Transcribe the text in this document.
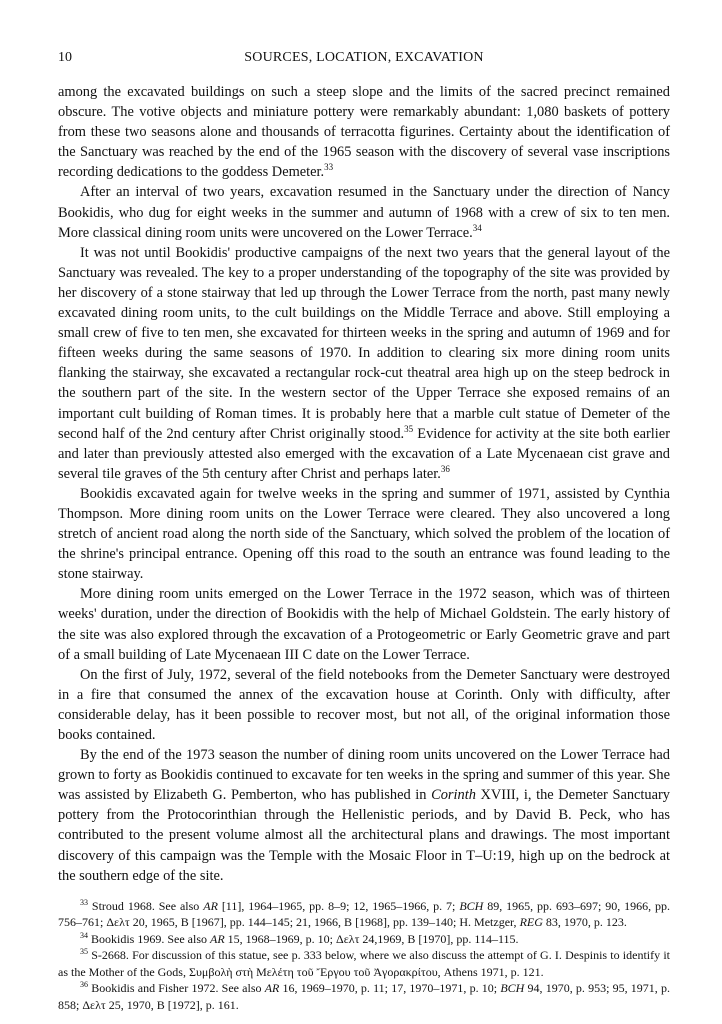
10	SOURCES, LOCATION, EXCAVATION

among the excavated buildings on such a steep slope and the limits of the sacred precinct remained obscure. The votive objects and miniature pottery were remarkably abundant: 1,080 baskets of pottery from these two seasons alone and thousands of terracotta figurines. Certainty about the identification of the Sanctuary was reached by the end of the 1965 season with the discovery of several vase inscriptions recording dedications to the goddess Demeter.$^{33}$

After an interval of two years, excavation resumed in the Sanctuary under the direction of Nancy Bookidis, who dug for eight weeks in the summer and autumn of 1968 with a crew of six to ten men. More classical dining room units were uncovered on the Lower Terrace.$^{34}$

It was not until Bookidis' productive campaigns of the next two years that the general layout of the Sanctuary was revealed. The key to a proper understanding of the topography of the site was provided by her discovery of a stone stairway that led up through the Lower Terrace from the north, past many newly excavated dining room units, to the cult buildings on the Middle Terrace and above. Still employing a small crew of five to ten men, she excavated for thirteen weeks in the spring and autumn of 1969 and for fifteen weeks during the same seasons of 1970. In addition to clearing six more dining room units flanking the stairway, she excavated a rectangular rock-cut theatral area high up on the steep bedrock in the southern part of the site. In the western sector of the Upper Terrace she exposed remains of an important cult building of Roman times. It is probably here that a marble cult statue of Demeter of the second half of the 2nd century after Christ originally stood.$^{35}$ Evidence for activity at the site both earlier and later than previously attested also emerged with the excavation of a Late Mycenaean cist grave and several tile graves of the 5th century after Christ and perhaps later.$^{36}$

Bookidis excavated again for twelve weeks in the spring and summer of 1971, assisted by Cynthia Thompson. More dining room units on the Lower Terrace were cleared. They also uncovered a long stretch of ancient road along the north side of the Sanctuary, which solved the problem of the location of the shrine's principal entrance. Opening off this road to the south an entrance was found leading to the stone stairway.

More dining room units emerged on the Lower Terrace in the 1972 season, which was of thirteen weeks' duration, under the direction of Bookidis with the help of Michael Goldstein. The early history of the site was also explored through the excavation of a Protogeometric or Early Geometric grave and part of a small building of Late Mycenaean III C date on the Lower Terrace.

On the first of July, 1972, several of the field notebooks from the Demeter Sanctuary were destroyed in a fire that consumed the annex of the excavation house at Corinth. Only with difficulty, after considerable delay, has it been possible to recover most, but not all, of the original information those books contained.

By the end of the 1973 season the number of dining room units uncovered on the Lower Terrace had grown to forty as Bookidis continued to excavate for ten weeks in the spring and summer of this year. She was assisted by Elizabeth G. Pemberton, who has published in Corinth XVIII, i, the Demeter Sanctuary pottery from the Protocorinthian through the Hellenistic periods, and by David B. Peck, who has contributed to the present volume almost all the architectural plans and drawings. The most important discovery of this campaign was the Temple with the Mosaic Floor in T–U:19, high up on the bedrock at the southern edge of the site.

$^{33}$ Stroud 1968. See also AR [11], 1964–1965, pp. 8–9; 12, 1965–1966, p. 7; BCH 89, 1965, pp. 693–697; 90, 1966, pp. 756–761; Δελτ 20, 1965, B [1967], pp. 144–145; 21, 1966, B [1968], pp. 139–140; H. Metzger, REG 83, 1970, p. 123.

$^{34}$ Bookidis 1969. See also AR 15, 1968–1969, p. 10; Δελτ 24,1969, B [1970], pp. 114–115.

$^{35}$ S-2668. For discussion of this statue, see p. 333 below, where we also discuss the attempt of G. I. Despinis to identify it as the Mother of the Gods, Συμβολὴ στὴ Μελέτη τοῦ Ἔργου τοῦ Ἀγορακρίτου, Athens 1971, p. 121.

$^{36}$ Bookidis and Fisher 1972. See also AR 16, 1969–1970, p. 11; 17, 1970–1971, p. 10; BCH 94, 1970, p. 953; 95, 1971, p. 858; Δελτ 25, 1970, B [1972], p. 161.
